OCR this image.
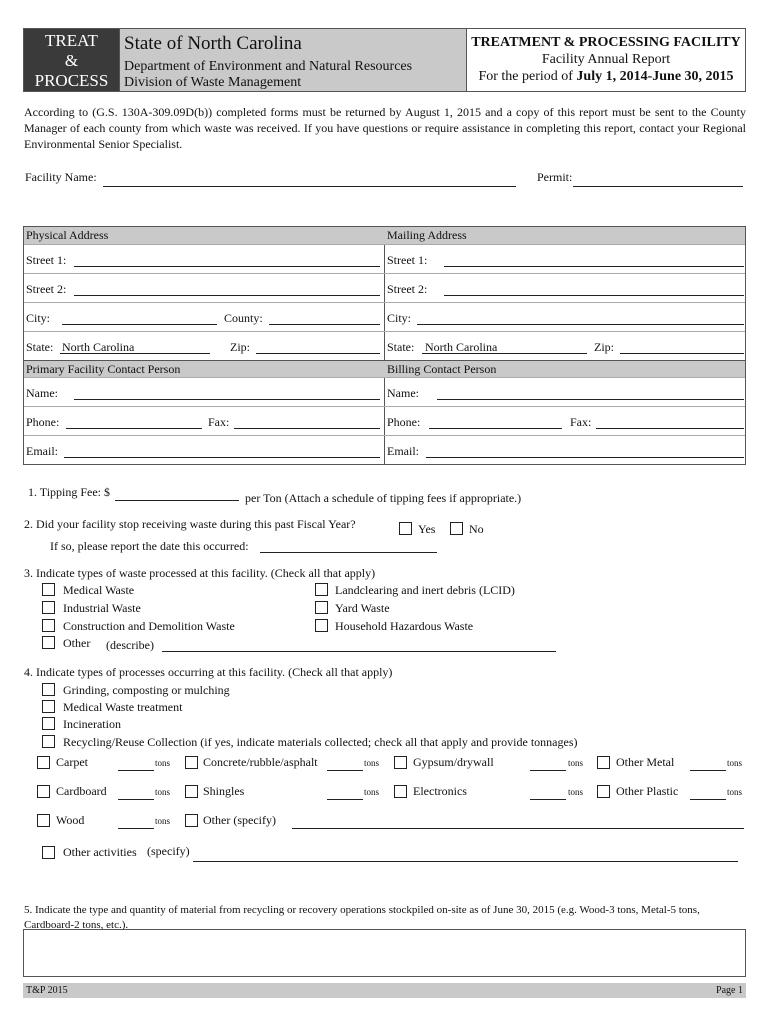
TREAT
&
PROCESS
State of North Carolina
Department of Environment and Natural Resources
Division of Waste Management
TREATMENT & PROCESSING FACILITY
Facility Annual Report
For the period of July 1, 2014-June 30, 2015
According to (G.S. 130A-309.09D(b)) completed forms must be returned by August 1, 2015 and a copy of this report must be sent to the County Manager of each county from which waste was received. If you have questions or require assistance in completing this report, contact your Regional Environmental Senior Specialist.
Facility Name:	Permit:
Physical Address	Mailing Address
Street 1:	Street 1:
Street 2:	Street 2:
City:	County:	City:
State: North Carolina	Zip:	State: North Carolina	Zip:
Primary Facility Contact Person	Billing Contact Person
Name:	Name:
Phone:	Fax:	Phone:	Fax:
Email:	Email:
1. Tipping Fee: $	per Ton (Attach a schedule of tipping fees if appropriate.)
2. Did your facility stop receiving waste during this past Fiscal Year?	Yes	No
If so, please report the date this occurred:
3. Indicate types of waste processed at this facility. (Check all that apply)
Medical Waste
Industrial Waste
Construction and Demolition Waste
Other (describe)
Landclearing and inert debris (LCID)
Yard Waste
Household Hazardous Waste
4. Indicate types of processes occurring at this facility. (Check all that apply)
Grinding, composting or mulching
Medical Waste treatment
Incineration
Recycling/Reuse Collection (if yes, indicate materials collected; check all that apply and provide tonnages)
Carpet	tons	Concrete/rubble/asphalt	tons	Gypsum/drywall	tons	Other Metal	tons
Cardboard	tons	Shingles	tons	Electronics	tons	Other Plastic	tons
Wood	tons	Other (specify)
Other activities (specify)
5. Indicate the type and quantity of material from recycling or recovery operations stockpiled on-site as of June 30, 2015 (e.g. Wood-3 tons, Metal-5 tons, Cardboard-2 tons, etc.).
T&P 2015	Page 1
